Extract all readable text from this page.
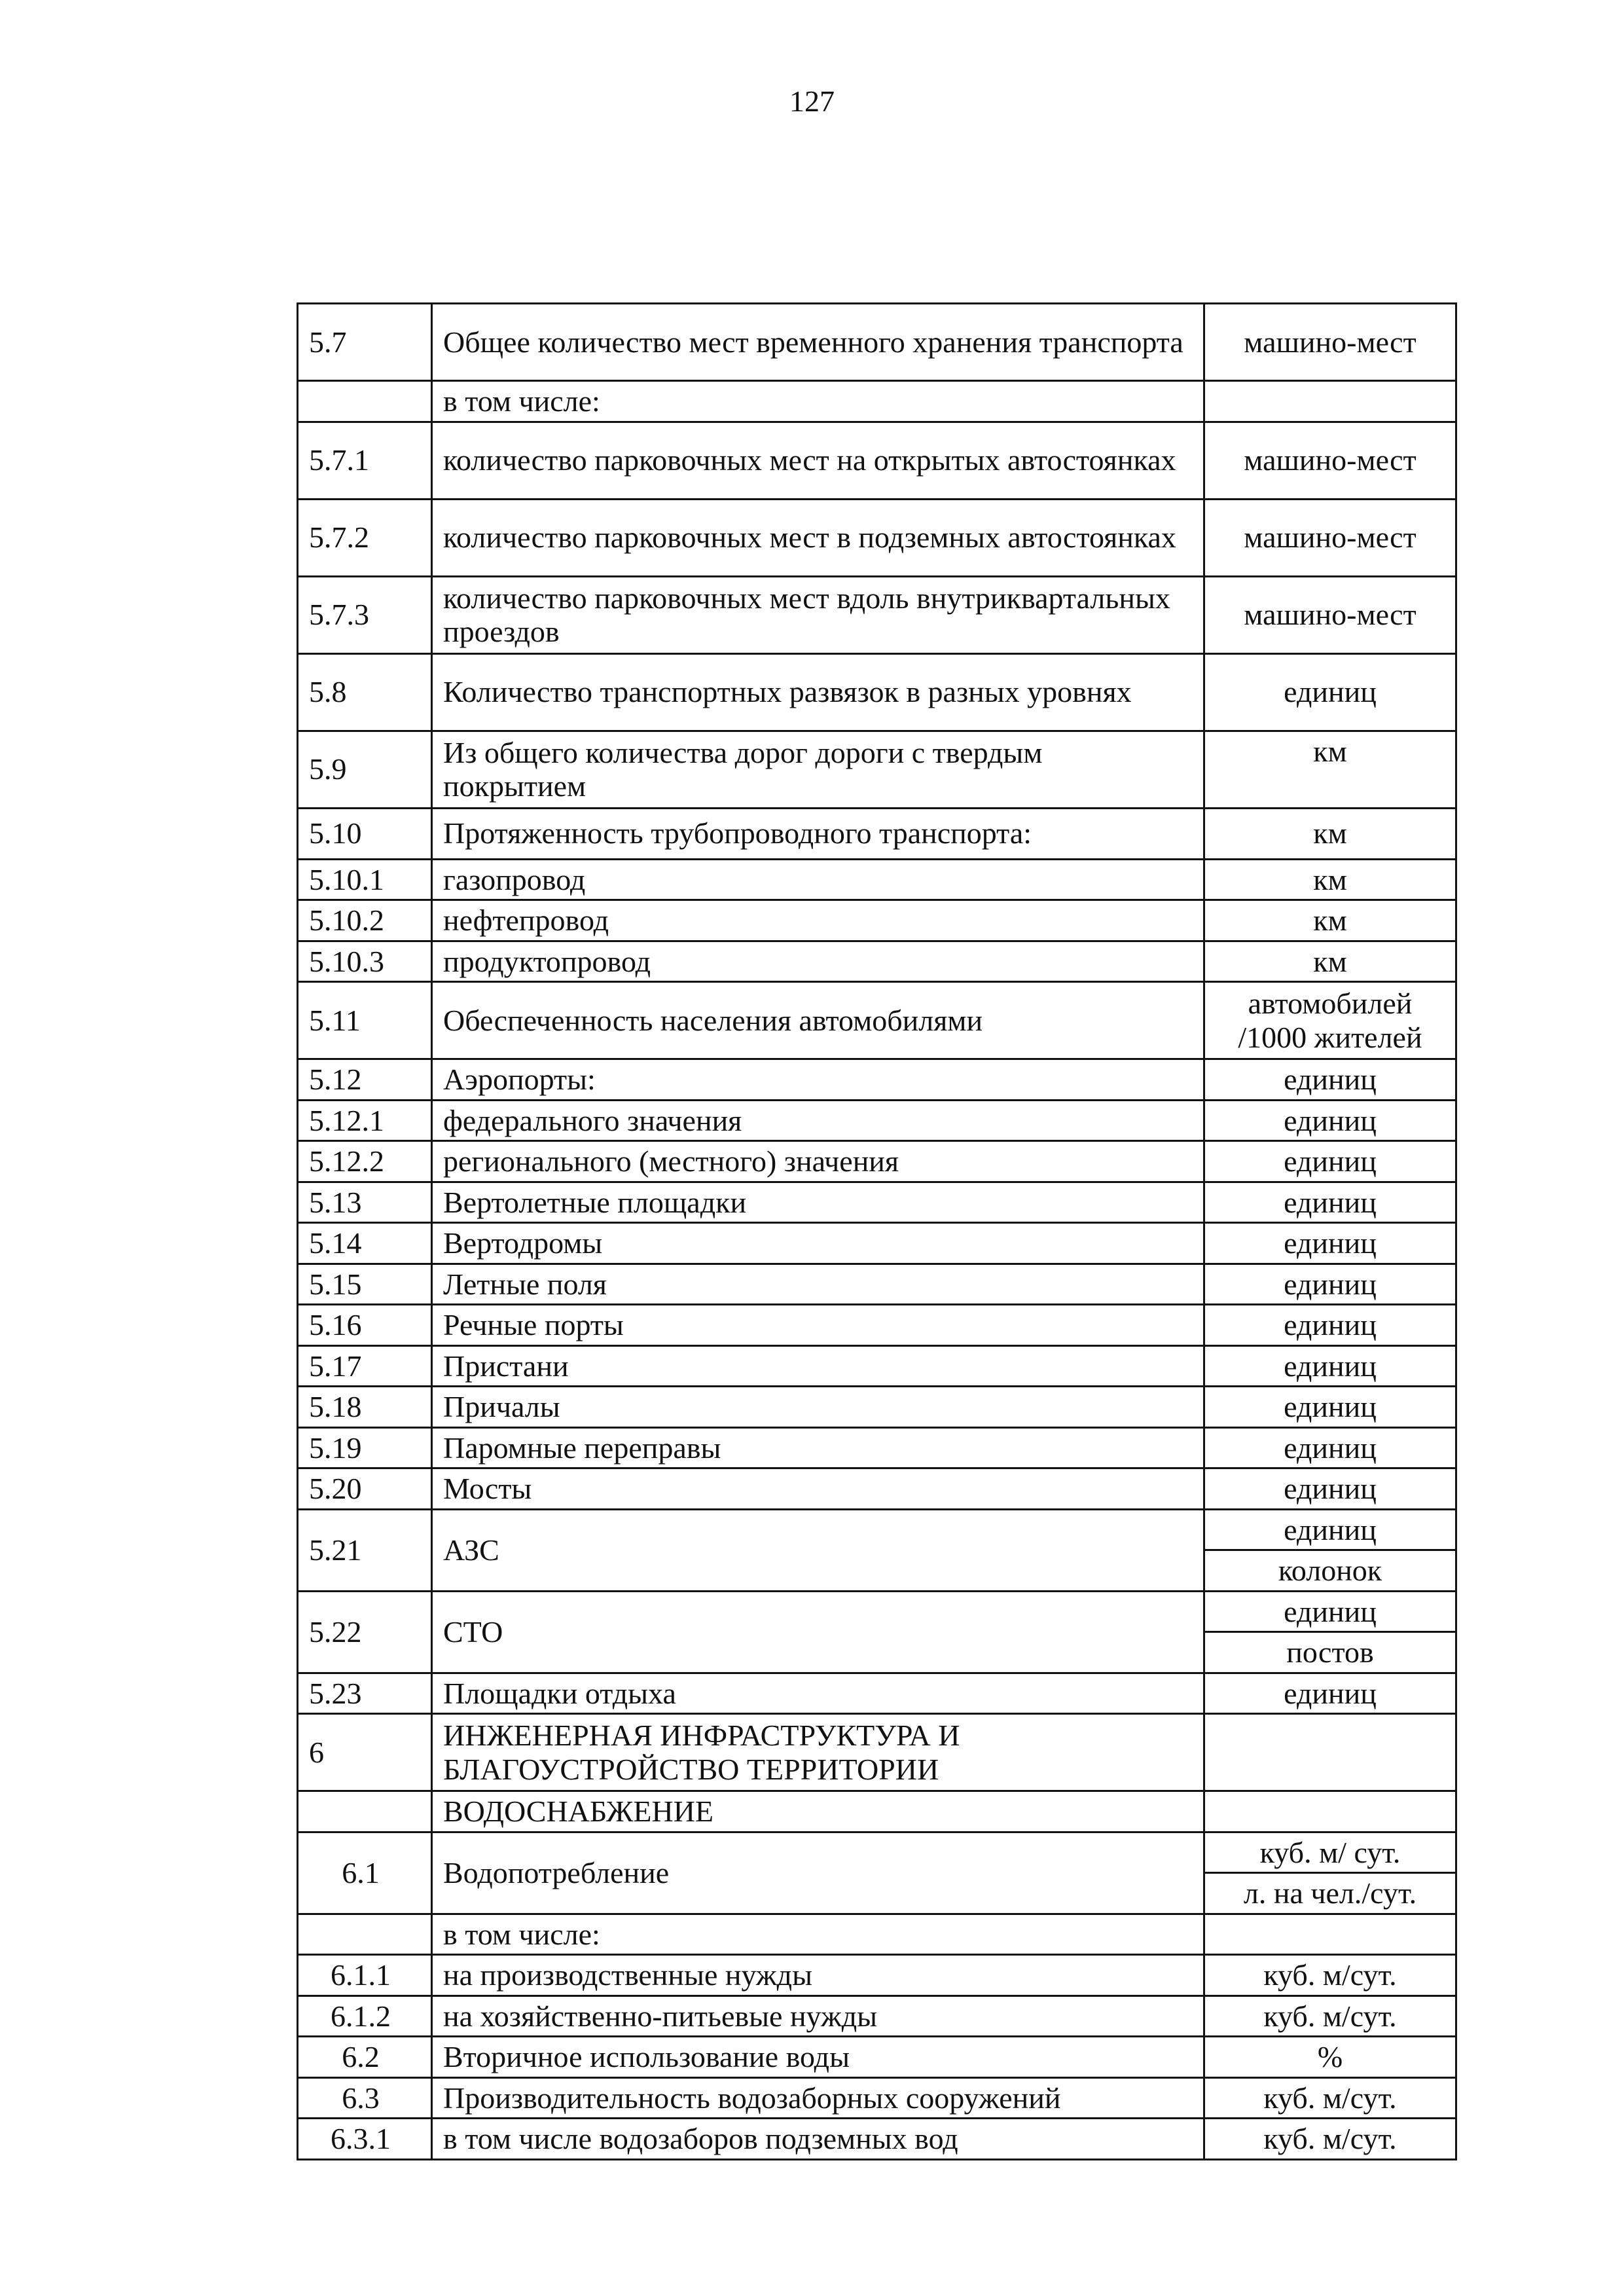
127
5.7	Общее количество мест временного хранения транспорта	машино-мест
	в том числе:	
5.7.1	количество парковочных мест на открытых автостоянках	машино-мест
5.7.2	количество парковочных мест в подземных автостоянках	машино-мест
5.7.3	количество парковочных мест вдоль внутриквартальных проездов	машино-мест
5.8	Количество транспортных развязок в разных уровнях	единиц
5.9	Из общего количества дорог дороги с твердым покрытием	км
5.10	Протяженность трубопроводного транспорта:	км
5.10.1	газопровод	км
5.10.2	нефтепровод	км
5.10.3	продуктопровод	км
5.11	Обеспеченность населения автомобилями	автомобилей /1000 жителей
5.12	Аэропорты:	единиц
5.12.1	федерального значения	единиц
5.12.2	регионального (местного) значения	единиц
5.13	Вертолетные площадки	единиц
5.14	Вертодромы	единиц
5.15	Летные поля	единиц
5.16	Речные порты	единиц
5.17	Пристани	единиц
5.18	Причалы	единиц
5.19	Паромные переправы	единиц
5.20	Мосты	единиц
5.21	АЗС	единиц
		колонок
5.22	СТО	единиц
		постов
5.23	Площадки отдыха	единиц
6	ИНЖЕНЕРНАЯ ИНФРАСТРУКТУРА И БЛАГОУСТРОЙСТВО ТЕРРИТОРИИ	
	ВОДОСНАБЖЕНИЕ	
6.1	Водопотребление	куб. м/ сут.
		л. на чел./сут.
	в том числе:	
6.1.1	на производственные нужды	куб. м/сут.
6.1.2	на хозяйственно-питьевые нужды	куб. м/сут.
6.2	Вторичное использование воды	%
6.3	Производительность водозаборных сооружений	куб. м/сут.
6.3.1	в том числе водозаборов подземных вод	куб. м/сут.
